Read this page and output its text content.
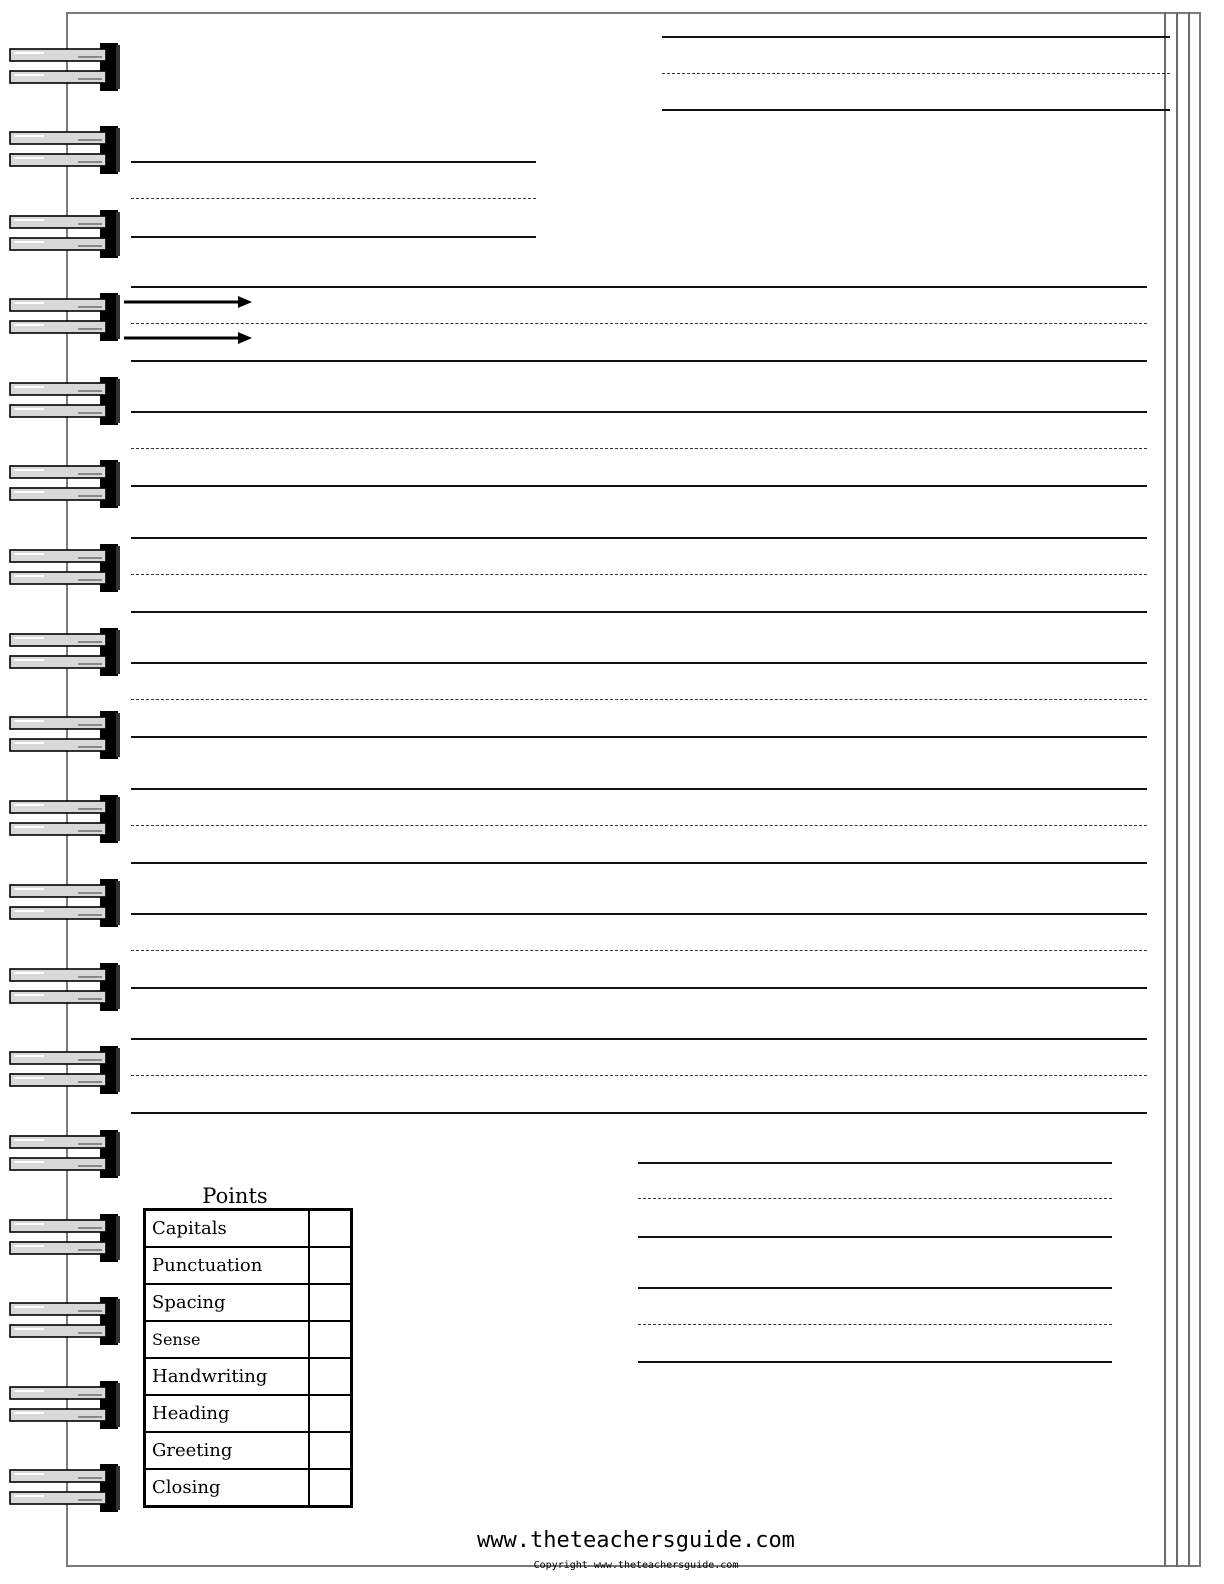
Points
Capitals	
Punctuation	
Spacing	
Sense	
Handwriting	
Heading	
Greeting	
Closing	
www.theteachersguide.com
Copyright www.theteachersguide.com
